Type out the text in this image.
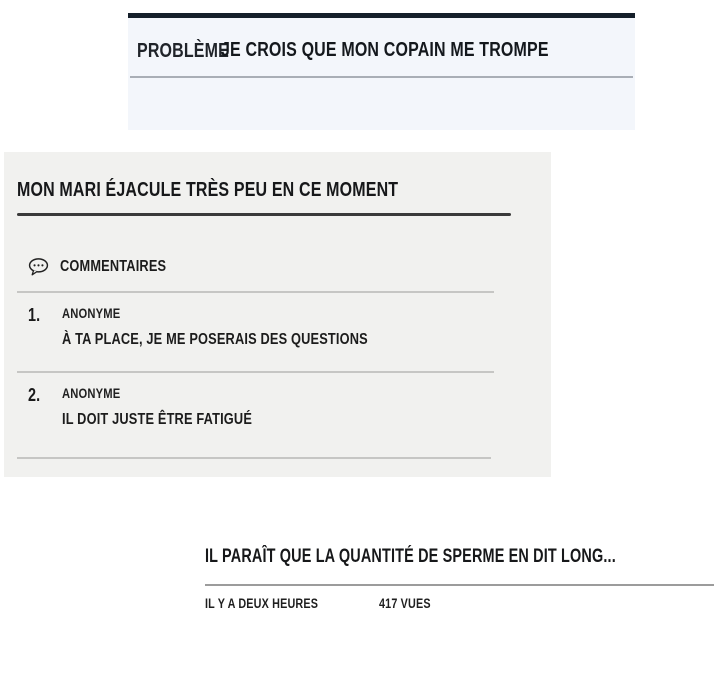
PROBLÈME
JE CROIS QUE MON COPAIN ME TROMPE
MON MARI ÉJACULE TRÈS PEU EN CE MOMENT
COMMENTAIRES
1. ANONYME
À TA PLACE, JE ME POSERAIS DES QUESTIONS
2. ANONYME
IL DOIT JUSTE ÊTRE FATIGUÉ
IL PARAÎT QUE LA QUANTITÉ DE SPERME EN DIT LONG...
IL Y A DEUX HEURES	417 VUES
